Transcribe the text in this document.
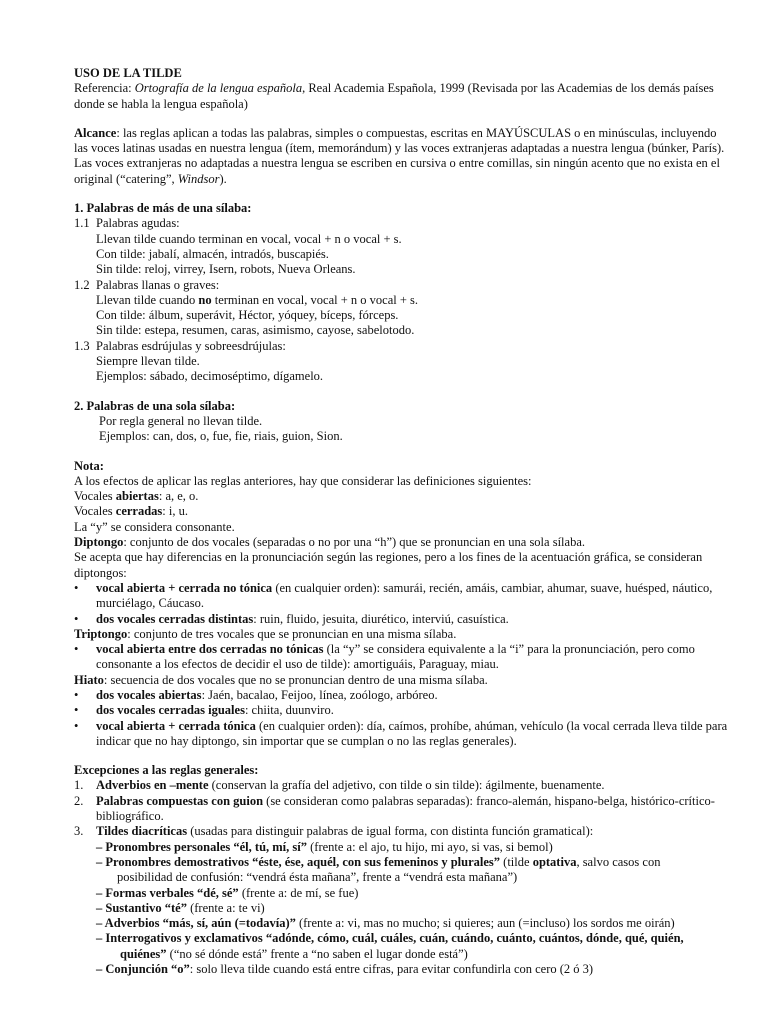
USO DE LA TILDE

Referencia: Ortografía de la lengua española, Real Academia Española, 1999 (Revisada por las Academias de los demás países donde se habla la lengua española)

Alcance: las reglas aplican a todas las palabras, simples o compuestas, escritas en MAYÚSCULAS o en minúsculas, incluyendo las voces latinas usadas en nuestra lengua (ítem, memorándum) y las voces extranjeras adaptadas a nuestra lengua (búnker, París). Las voces extranjeras no adaptadas a nuestra lengua se escriben en cursiva o entre comillas, sin ningún acento que no exista en el original (“catering”, Windsor).

1. Palabras de más de una sílaba:

1.1 Palabras agudas:

Llevan tilde cuando terminan en vocal, vocal + n o vocal + s.

Con tilde: jabalí, almacén, intradós, buscapiés.

Sin tilde: reloj, virrey, Isern, robots, Nueva Orleans.

1.2 Palabras llanas o graves:

Llevan tilde cuando no terminan en vocal, vocal + n o vocal + s.

Con tilde: álbum, superávit, Héctor, yóquey, bíceps, fórceps.

Sin tilde: estepa, resumen, caras, asimismo, cayose, sabelotodo.

1.3 Palabras esdrújulas y sobreesdrújulas:

Siempre llevan tilde.

Ejemplos: sábado, decimoséptimo, dígamelo.

2. Palabras de una sola sílaba:

Por regla general no llevan tilde.

Ejemplos: can, dos, o, fue, fie, riais, guion, Sion.

Nota:

A los efectos de aplicar las reglas anteriores, hay que considerar las definiciones siguientes:

Vocales abiertas: a, e, o.

Vocales cerradas: i, u.

La “y” se considera consonante.

Diptongo: conjunto de dos vocales (separadas o no por una “h”) que se pronuncian en una sola sílaba.

Se acepta que hay diferencias en la pronunciación según las regiones, pero a los fines de la acentuación gráfica, se consideran diptongos:

• vocal abierta + cerrada no tónica (en cualquier orden): samurái, recién, amáis, cambiar, ahumar, suave, huésped, náutico, murciélago, Cáucaso.

• dos vocales cerradas distintas: ruin, fluido, jesuita, diurético, interviú, casuística.

Triptongo: conjunto de tres vocales que se pronuncian en una misma sílaba.

• vocal abierta entre dos cerradas no tónicas (la “y” se considera equivalente a la “i” para la pronunciación, pero como consonante a los efectos de decidir el uso de tilde): amortiguáis, Paraguay, miau.

Hiato: secuencia de dos vocales que no se pronuncian dentro de una misma sílaba.

• dos vocales abiertas: Jaén, bacalao, Feijoo, línea, zoólogo, arbóreo.

• dos vocales cerradas iguales: chiita, duunviro.

• vocal abierta + cerrada tónica (en cualquier orden): día, caímos, prohíbe, ahúman, vehículo (la vocal cerrada lleva tilde para indicar que no hay diptongo, sin importar que se cumplan o no las reglas generales).

Excepciones a las reglas generales:

1. Adverbios en –mente (conservan la grafía del adjetivo, con tilde o sin tilde): ágilmente, buenamente.

2. Palabras compuestas con guion (se consideran como palabras separadas): franco-alemán, hispano-belga, histórico-crítico-bibliográfico.

3. Tildes diacríticas (usadas para distinguir palabras de igual forma, con distinta función gramatical):

– Pronombres personales “él, tú, mí, sí” (frente a: el ajo, tu hijo, mi ayo, si vas, si bemol)

– Pronombres demostrativos “éste, ése, aquél, con sus femeninos y plurales” (tilde optativa, salvo casos con

posibilidad de confusión: “vendrá ésta mañana”, frente a “vendrá esta mañana”)

– Formas verbales “dé, sé” (frente a: de mí, se fue)

– Sustantivo “té” (frente a: te vi)

– Adverbios “más, sí, aún (=todavía)” (frente a: vi, mas no mucho; si quieres; aun (=incluso) los sordos me oirán)

– Interrogativos y exclamativos “adónde, cómo, cuál, cuáles, cuán, cuándo, cuánto, cuántos, dónde, qué, quién, quiénes” (“no sé dónde está” frente a “no saben el lugar donde está”)

– Conjunción “o”: solo lleva tilde cuando está entre cifras, para evitar confundirla con cero (2 ó 3)
